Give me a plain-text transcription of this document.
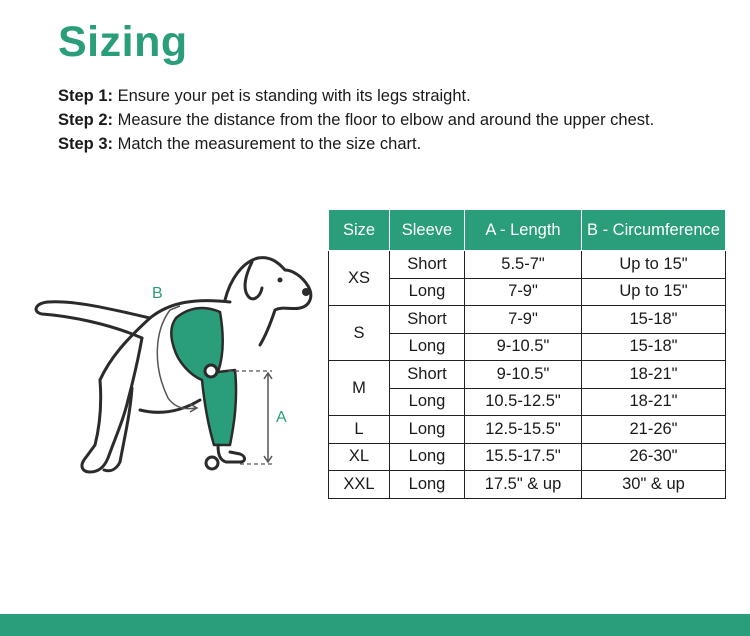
Sizing
Step 1: Ensure your pet is standing with its legs straight.
Step 2: Measure the distance from the floor to elbow and around the upper chest.
Step 3: Match the measurement to the size chart.
B
A
Size	Sleeve	A - Length	B - Circumference
XS	Short	5.5-7"	Up to 15"
	Long	7-9"	Up to 15"
S	Short	7-9"	15-18"
	Long	9-10.5"	15-18"
M	Short	9-10.5"	18-21"
	Long	10.5-12.5"	18-21"
L	Long	12.5-15.5"	21-26"
XL	Long	15.5-17.5"	26-30"
XXL	Long	17.5" & up	30" & up
